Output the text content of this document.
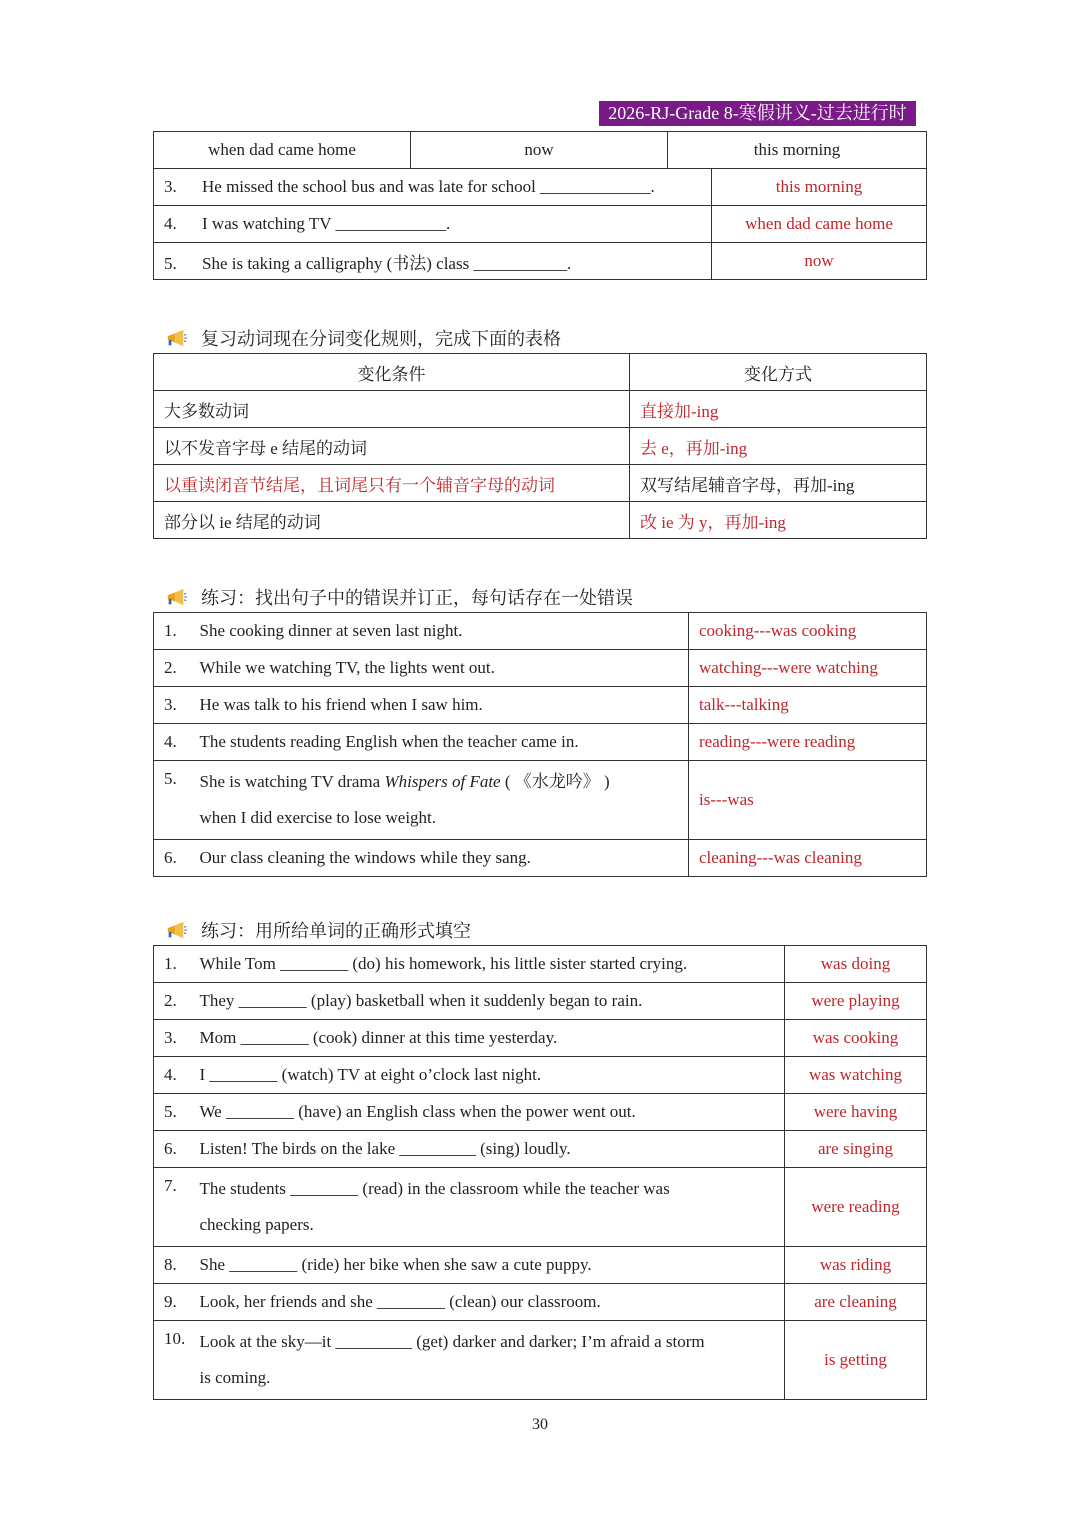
2026-RJ-Grade 8-寒假讲义-过去进行时
when dad came home	now	this morning	
3. He missed the school bus and was late for school _____________.			this morning
4. I was watching TV _____________.			when dad came home
5. She is taking a calligraphy (书法) class ___________.			now
复习动词现在分词变化规则，完成下面的表格
变化条件	变化方式
大多数动词	直接加-ing
以不发音字母 e 结尾的动词	去 e，再加-ing
以重读闭音节结尾，且词尾只有一个辅音字母的动词	双写结尾辅音字母，再加-ing
部分以 ie 结尾的动词	改 ie 为 y，再加-ing
练习：找出句子中的错误并订正，每句话存在一处错误
1.	She cooking dinner at seven last night.	cooking---was cooking
2.	While we watching TV, the lights went out.	watching---were watching
3.	He was talk to his friend when I saw him.	talk---talking
4.	The students reading English when the teacher came in.	reading---were reading
5.	She is watching TV drama Whispers of Fate ( 《水龙吟》 )
when I did exercise to lose weight.	is---was
6.	Our class cleaning the windows while they sang.	cleaning---was cleaning
练习：用所给单词的正确形式填空
1.	While Tom ________ (do) his homework, his little sister started crying.	was doing
2.	They ________ (play) basketball when it suddenly began to rain.	were playing
3.	Mom ________ (cook) dinner at this time yesterday.	was cooking
4.	I ________ (watch) TV at eight o’clock last night.	was watching
5.	We ________ (have) an English class when the power went out.	were having
6.	Listen! The birds on the lake _________ (sing) loudly.	are singing
7.	The students ________ (read) in the classroom while the teacher was
checking papers.	were reading
8.	She ________ (ride) her bike when she saw a cute puppy.	was riding
9.	Look, her friends and she ________ (clean) our classroom.	are cleaning
10.	Look at the sky—it _________ (get) darker and darker; I’m afraid a storm
is coming.	is getting
30
